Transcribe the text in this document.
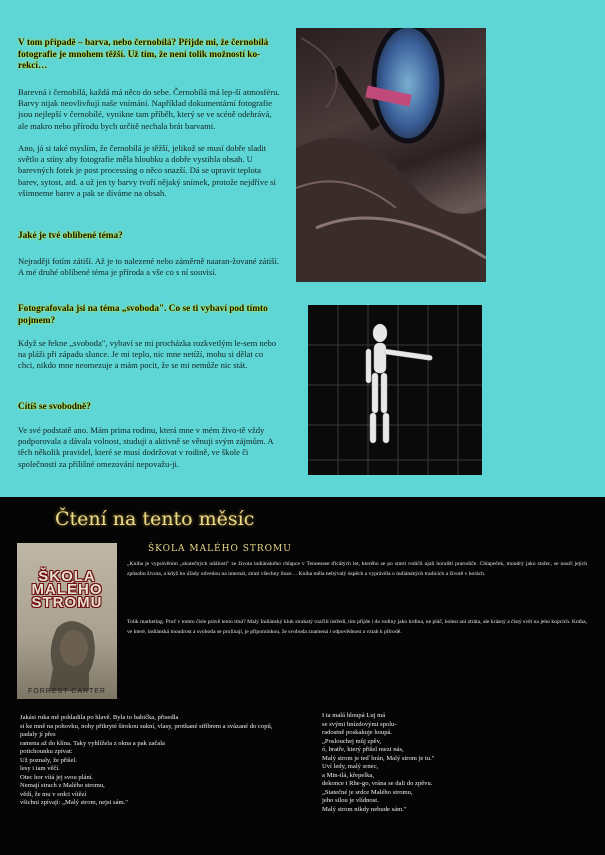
V tom případě – barva, nebo černobílá? Přijde mi, že černobílá fotografie je mnohem těžší. Už tím, že není tolik možností ko-rekcí…
Barevná i černobílá, každá má něco do sebe. Černobílá má lep-ší atmosféru. Barvy nijak neovlivňují naše vnímání. Například dokumentární fotografie jsou nejlepší v černobílé, vynikne tam příběh, který se ve scéně odehrává, ale makro nebo přírodu bych určitě nechala brát barvami.
Ano, já si také myslím, že černobílá je těžší, jelikož se musí dobře sladit světlo a stíny aby fotografie měla hloubku a dobře vystihla obsah. U barevných fotek je post processing o něco snazší. Dá se upravit teplota barev, sytost, atd. a už jen ty barvy tvoří nějaký snímek, protože nejdříve si všimneme barev a pak se díváme na obsah.
Jaké je tvé oblíbené téma?
Nejraději fotím zátiší. Až je to nalezené nebo záměrně naaran-žované zátiší. A mé druhé oblíbené téma je příroda a vše co s ní souvisí.
Fotografovala jsi na téma „svoboda". Co se ti vybaví pod tímto pojmem?
Když se řekne „svoboda", vybaví se mi procházka rozkvetlým le-sem nebo na pláži při západu slunce. Je mi teplo, nic mne netíží, mohu si dělat co chci, nikdo mne neomezuje a mám pocit, že se mi nemůže nic stát.
Cítíš se svobodně?
Ve své podstatě ano. Mám prima rodinu, která mne v mém živo-tě vždy podporovala a dávala volnost, studuji a aktivně se věnuji svým zájmům. A těch několik pravidel, které se musí dodržovat v rodině, ve škole či společnosti za přílišné omezování nepovažu-ji.
Čtení na tento měsíc
ŠKOLA MALÉHO STROMU
FORREST CARTER
ŠKOLA MALÉHO STROMU
„Kniha je vyprávěním „skutečných událostí" ze života indiánského chlapce v Tennessee třicátých let, kterého se po smrti rodičů ujali horalští prarodiče. Chlapeček, moudrý jako stařec, se naučí jejich způsobu života, a když ho úřady odvedou na internát, ztratí všechny iluze… Kniha měla nebývalý úspěch a vyprávěla o indiánských tradicích a životě v horách.
Tolik marketing. Proč v tomto čísle právě tento titul? Malý Indiánský kluk strakatý rozčilí ústředí, tím přijde i do rodiny jako hrdina, ne pláč, bolest ani ztráta, ale krásný a čistý svět na jeho kopcích. Kniha, ve které, indiánská moudrost a svoboda se prolínají, je připomínkou, že svoboda znamená i odpovědnost a vztah k přírodě.
Jakási ruka mě pohladila po hlavě. Byla to babička, přisedla
si ke mně na pohovku, nohy přikryté širokou sukní, vlasy, protkané stříbrem a svázané do copů, padaly jí přes
ramena až do klína. Taky vyhlížela z okna a pak začala
potichounku zpívat:
Už poznaly, že přišel.
lesy i tam věčí.
Otec hor vítá jej svou plání.
Nemají strach z Malého stromu,
vědí, že mu v srdci vítězí
všichni zpívají: „Malý strom, nejsi sám."
I ta malá hloupá Luj má
se svými hnízdovými spolu-
radostně poskakuje houpá.
„Poslouchej můj zpěv,
ó, bratře, který přišel mezi nás,
Malý strom je teď brán, Malý strom je tu."
Uví ledy, malý srnec,
a Min-ilá, křepelka,
dekonce i Rhe-go, vrána se dali do zpěvu.
„Statečné je srdce Malého stromu,
jeho silou je vlídnost.
Malý strom nikdy nebude sám."
